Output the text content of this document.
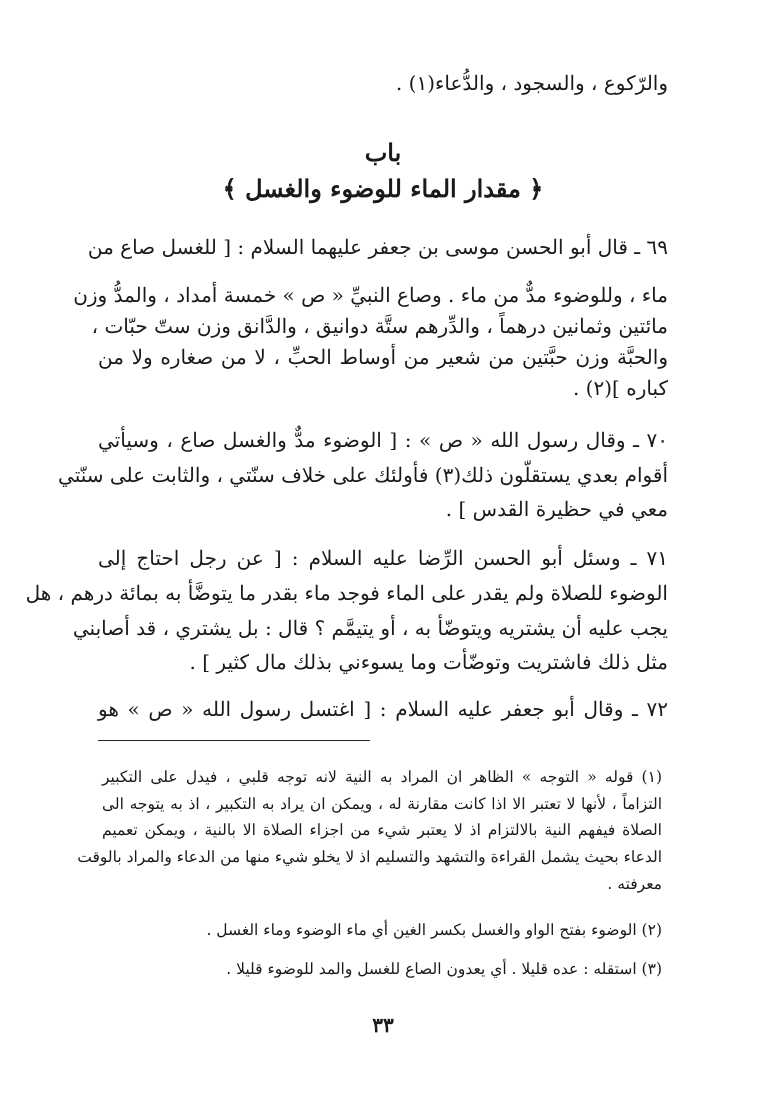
والرّكوع ، والسجود ، والدُّعاء(١) .
باب
﴿ مقدار الماء للوضوء والغسل ﴾
٦٩ ـ قال أبو الحسن موسى بن جعفر عليهما السلام : [ للغسل صاع من
ماء ، وللوضوء مدٌّ من ماء . وصاع النبيِّ « ص » خمسة أمداد ، والمدُّ وزن
مائتين وثمانين درهماً ، والدِّرهم ستَّة دوانيق ، والدَّانق وزن ستّ حبّات ،
والحبَّة وزن حبَّتين من شعير من أوساط الحبِّ ، لا من صغاره ولا من
كباره ](٢) .
٧٠ ـ وقال رسول الله « ص » : [ الوضوء مدٌّ والغسل صاع ، وسيأتي
أقوام بعدي يستقلّون ذلك(٣) فأولئك على خلاف سنّتي ، والثابت على سنّتي
معي في حظيرة القدس ] .
٧١ ـ وسئل أبو الحسن الرِّضا عليه السلام : [ عن رجل احتاج إلى
الوضوء للصلاة ولم يقدر على الماء فوجد ماء بقدر ما يتوضَّأ به بمائة درهم ، هل
يجب عليه أن يشتريه ويتوضّأ به ، أو يتيمَّم ؟ قال : بل يشتري ، قد أصابني
مثل ذلك فاشتريت وتوضّأت وما يسوءني بذلك مال كثير ] .
٧٢ ـ وقال أبو جعفر عليه السلام : [ اغتسل رسول الله « ص » هو
(١) قوله « التوجه » الظاهر ان المراد به النية لانه توجه قلبي ، فيدل على التكبير
التزاماً ، لأنها لا تعتبر الا اذا كانت مقارنة له ، ويمكن ان يراد به التكبير ، اذ به يتوجه الى
الصلاة فيفهم النية بالالتزام اذ لا يعتبر شيء من اجزاء الصلاة الا بالنية ، ويمكن تعميم
الدعاء بحيث يشمل القراءة والتشهد والتسليم اذ لا يخلو شيء منها من الدعاء والمراد بالوقت
معرفته .
(٢) الوضوء بفتح الواو والغسل بكسر الغين أي ماء الوضوء وماء الغسل .
(٣) استقله : عده قليلا . أي يعدون الصاع للغسل والمد للوضوء قليلا .
٣٣
